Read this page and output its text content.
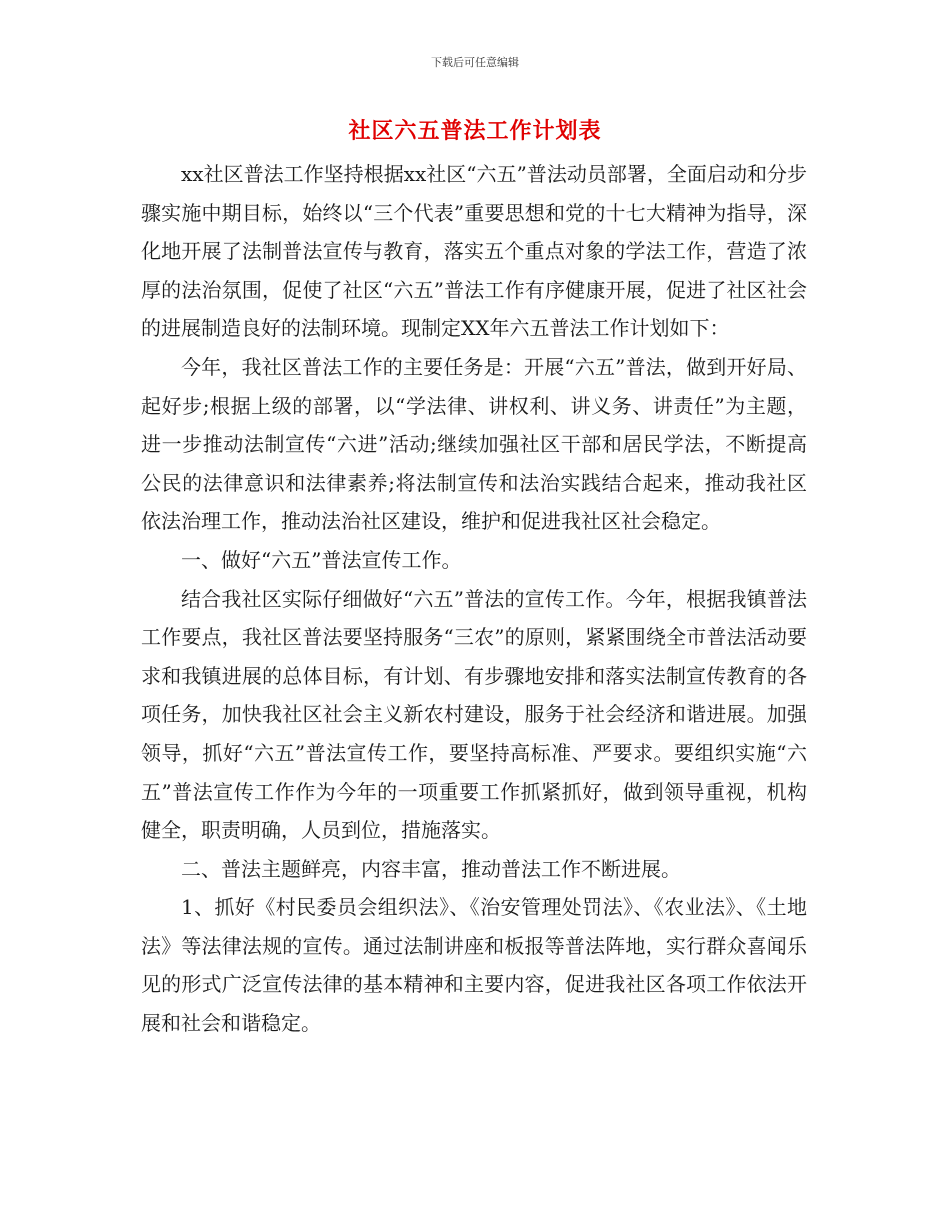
下载后可任意编辑
社区六五普法工作计划表

xx社区普法工作坚持根据xx社区“六五”普法动员部署，全面启动和分步骤实施中期目标，始终以“三个代表”重要思想和党的十七大精神为指导，深化地开展了法制普法宣传与教育，落实五个重点对象的学法工作，营造了浓厚的法治氛围，促使了社区“六五”普法工作有序健康开展，促进了社区社会的进展制造良好的法制环境。现制定XX年六五普法工作计划如下：

今年，我社区普法工作的主要任务是：开展“六五”普法，做到开好局、起好步;根据上级的部署，以“学法律、讲权利、讲义务、讲责任”为主题，进一步推动法制宣传“六进”活动;继续加强社区干部和居民学法，不断提高公民的法律意识和法律素养;将法制宣传和法治实践结合起来，推动我社区依法治理工作，推动法治社区建设，维护和促进我社区社会稳定。

一、做好“六五”普法宣传工作。

结合我社区实际仔细做好“六五”普法的宣传工作。今年，根据我镇普法工作要点，我社区普法要坚持服务“三农”的原则，紧紧围绕全市普法活动要求和我镇进展的总体目标，有计划、有步骤地安排和落实法制宣传教育的各项任务，加快我社区社会主义新农村建设，服务于社会经济和谐进展。加强领导，抓好“六五”普法宣传工作，要坚持高标准、严要求。要组织实施“六五”普法宣传工作作为今年的一项重要工作抓紧抓好，做到领导重视，机构健全，职责明确，人员到位，措施落实。

二、普法主题鲜亮，内容丰富，推动普法工作不断进展。

1、抓好《村民委员会组织法》、《治安管理处罚法》、《农业法》、《土地法》等法律法规的宣传。通过法制讲座和板报等普法阵地，实行群众喜闻乐见的形式广泛宣传法律的基本精神和主要内容，促进我社区各项工作依法开展和社会和谐稳定。
